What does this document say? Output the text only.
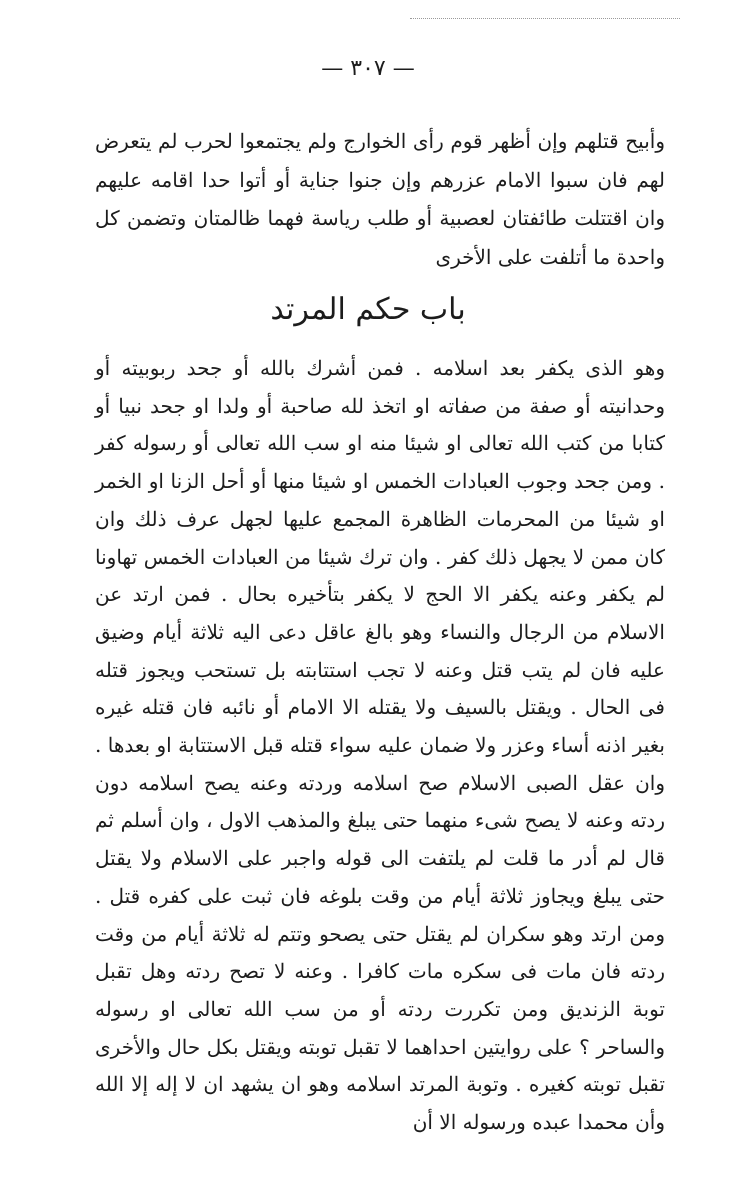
— ٣٠٧ —

وأبيح قتلهم وإن أظهر قوم رأى الخوارج ولم يجتمعوا لحرب لم يتعرض لهم فان سبوا الامام عزرهم وإن جنوا جناية أو أتوا حدا اقامه عليهم وان اقتتلت طائفتان لعصبية أو طلب رياسة فهما ظالمتان وتضمن كل واحدة ما أتلفت على الأخرى

باب حكم المرتد

وهو الذى يكفر بعد اسلامه . فمن أشرك بالله أو جحد ربوبيته أو وحدانيته أو صفة من صفاته او اتخذ لله صاحبة أو ولدا او جحد نبيا أو كتابا من كتب الله تعالى او شيئا منه او سب الله تعالى أو رسوله كفر . ومن جحد وجوب العبادات الخمس او شيئا منها أو أحل الزنا او الخمر او شيئا من المحرمات الظاهرة المجمع عليها لجهل عرف ذلك وان كان ممن لا يجهل ذلك كفر . وان ترك شيئا من العبادات الخمس تهاونا لم يكفر وعنه يكفر الا الحج لا يكفر بتأخيره بحال . فمن ارتد عن الاسلام من الرجال والنساء وهو بالغ عاقل دعى اليه ثلاثة أيام وضيق عليه فان لم يتب قتل وعنه لا تجب استتابته بل تستحب ويجوز قتله فى الحال . ويقتل بالسيف ولا يقتله الا الامام أو نائبه فان قتله غيره بغير اذنه أساء وعزر ولا ضمان عليه سواء قتله قبل الاستتابة او بعدها . وان عقل الصبى الاسلام صح اسلامه وردته وعنه يصح اسلامه دون ردته وعنه لا يصح شىء منهما حتى يبلغ والمذهب الاول ، وان أسلم ثم قال لم أدر ما قلت لم يلتفت الى قوله واجبر على الاسلام ولا يقتل حتى يبلغ ويجاوز ثلاثة أيام من وقت بلوغه فان ثبت على كفره قتل . ومن ارتد وهو سكران لم يقتل حتى يصحو وتتم له ثلاثة أيام من وقت ردته فان مات فى سكره مات كافرا . وعنه لا تصح ردته وهل تقبل توبة الزنديق ومن تكررت ردته أو من سب الله تعالى او رسوله والساحر ؟ على روايتين احداهما لا تقبل توبته ويقتل بكل حال والأخرى تقبل توبته كغيره . وتوبة المرتد اسلامه وهو ان يشهد ان لا إله إلا الله وأن محمدا عبده ورسوله الا أن
